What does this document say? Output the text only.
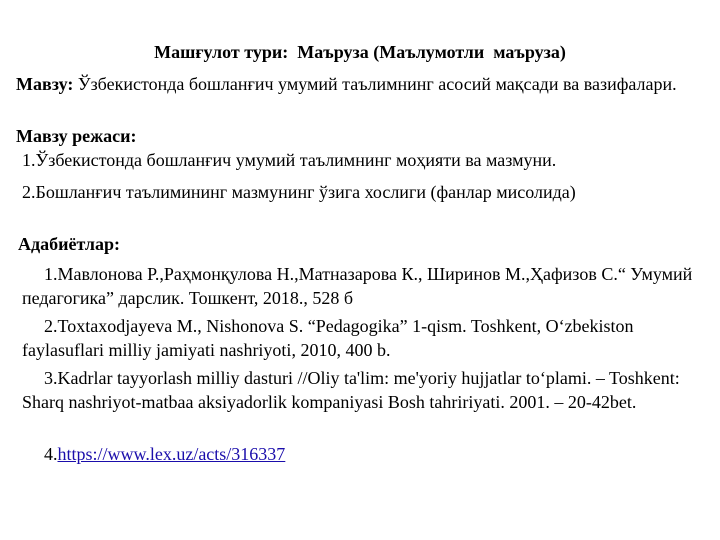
Машғулот тури:  Маъруза (Маълумотли  маъруза)
Мавзу: Ўзбекистонда бошланғич умумий таълимнинг асосий мақсади ва вазифалари.
Мавзу режаси:
1.Ўзбекистонда бошланғич умумий таълимнинг моҳияти ва мазмуни.
2.Бошланғич таълимининг мазмунинг ўзига хослиги (фанлар мисолида)
Адабиётлар:
1.Мавлонова Р.,Раҳмонқулова Н.,Матназарова К., Ширинов М.,Ҳафизов С.“ Умумий педагогика” дарслик. Тошкент, 2018., 528 б
2.Toxtaxodjayeva M., Nishonova S. “Pedagogika” 1-qism. Toshkent, O‘zbekiston faylasuflari milliy jamiyati nashriyoti, 2010, 400 b.
3.Kadrlar tayyorlash milliy dasturi //Oliy ta'lim: me'yoriy hujjatlar to‘plami. – Toshkent: Sharq nashriyot-matbaa aksiyadorlik kompaniyasi Bosh tahririyati. 2001. – 20-42bet.
4.https://www.lex.uz/acts/316337
